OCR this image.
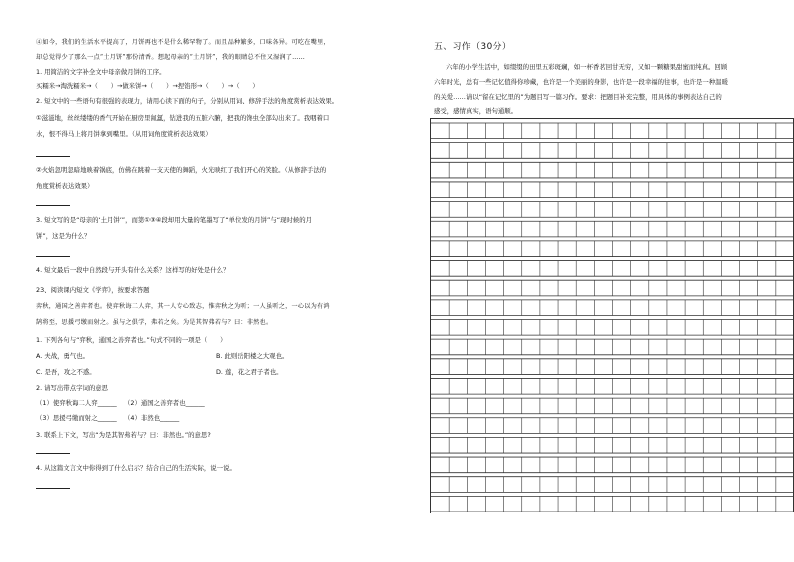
④如今，我们的生活水平提高了，月饼再也不是什么稀罕物了。而且品种繁多，口味各异。可吃在嘴里，

却总觉得少了那么一点“土月饼”那份清香。想起母亲的“土月饼”，我的眼睛总不住又湿润了……

1. 用简洁的文字补全文中母亲做月饼的工序。

买糯米→淘洗糯米→（　　）→做米饼→（　　）→捏馅形→（　　）→（　　）

2. 短文中的一些语句有很强的表现力，请用心读下面的句子，分别从用词、修辞手法的角度赏析表达效果。

①滋滋地，丝丝缕缕的香气开始在厨房里氤氲，钻进我的五脏六腑，把我的馋虫全部勾出来了。我咽着口

水，恨不得马上将月饼拿到嘴里。（从用词角度赏析表达效果）

②火焰忽明忽暗地映着锅底，仿佛在跳着一支天使的舞蹈，火光映红了我们开心的笑脸。（从修辞手法的

角度赏析表达效果）

3. 短文写的是“母亲的‘土月饼’”，而第①③④段却用大量的笔墨写了“单位发的月饼”与“现时候的月

饼”，这是为什么？

4. 短文最后一段中自然段与开头有什么关系？这样写的好处是什么？

23、阅读课内短文《学弈》，按要求答题

弈秋，通国之善弈者也。使弈秋诲二人弈，其一人专心致志，惟弈秋之为听；一人虽听之，一心以为有鸿

鹄将至，思援弓缴而射之。虽与之俱学，弗若之矣。为是其智弗若与？曰：非然也。

1. 下列各句与“弈秋，通国之善弈者也。”句式不同的一项是（　　）

A. 夫战，勇气也。	B. 此则岳阳楼之大观也。
C. 是吾，攻之不惑。	D. 莲，花之君子者也。

2. 请写出带点字词的意思

（1）使弈秋诲二人弈______	（2）通国之善弈者也______
（3）思援弓缴而射之______	（4）非然也______

3. 联系上下文，写出“为是其智弗若与？曰：非然也。”的意思?

4. 从这篇文言文中你得到了什么启示？结合自己的生活实际，说一说。

五、习作（30分）

六年的小学生活中，如缀缀的田里五彩斑斓，如一杯香茗回甘无穷，又如一颗糖果甜蜜而纯真。回顾

六年时光，总有一些记忆值得你珍藏，也许是一个美丽的身影，也许是一段幸福的往事，也许是一种温暖

的关爱……请以“留在记忆里的”为题目写一篇习作。要求：把题目补充完整，用具体的事例表达自己的

感受，感情真实，语句通顺。
